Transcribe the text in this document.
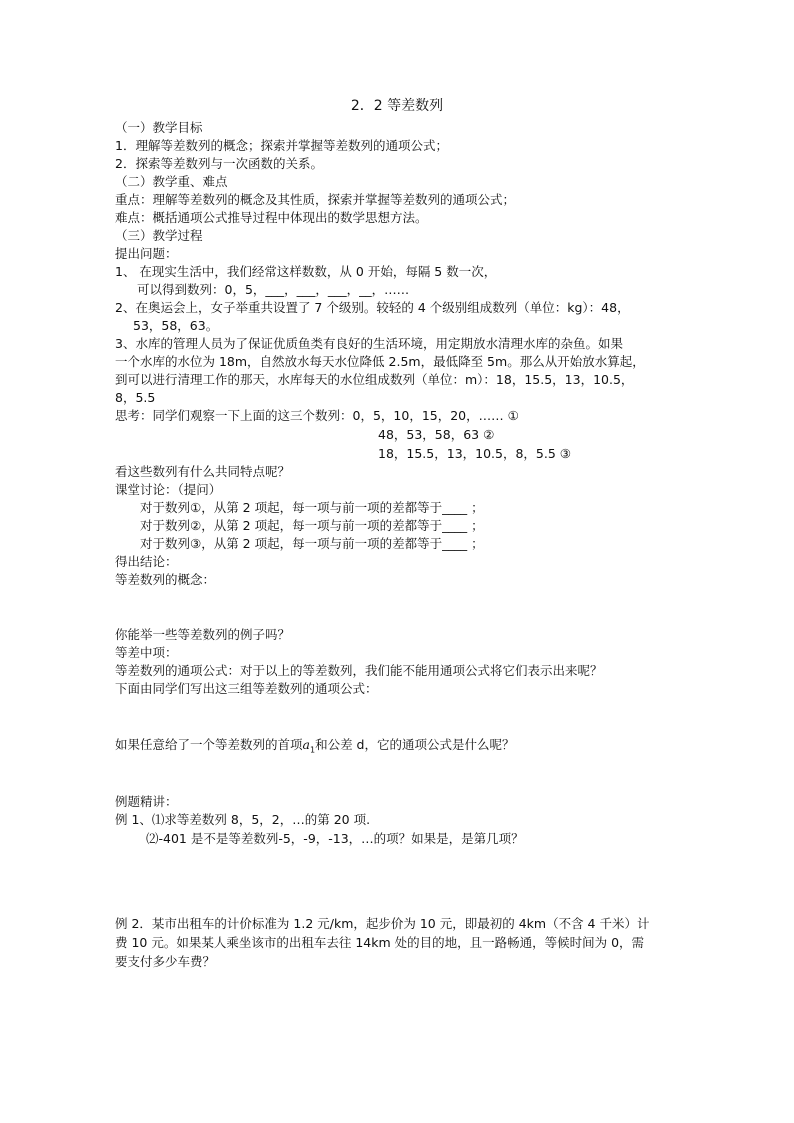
2．2 等差数列
（一）教学目标
1．理解等差数列的概念；探索并掌握等差数列的通项公式；
2．探索等差数列与一次函数的关系。
（二）教学重、难点
重点：理解等差数列的概念及其性质，探索并掌握等差数列的通项公式；
难点：概括通项公式推导过程中体现出的数学思想方法。
（三）教学过程
提出问题：
1、 在现实生活中，我们经常这样数数，从 0 开始，每隔 5 数一次，
可以得到数列：0，5，___，___，___，__，……
2、在奥运会上，女子举重共设置了 7 个级别。较轻的 4 个级别组成数列（单位：kg）：48，
53，58，63。
3、水库的管理人员为了保证优质鱼类有良好的生活环境，用定期放水清理水库的杂鱼。如果
一个水库的水位为 18m，自然放水每天水位降低 2.5m，最低降至 5m。那么从开始放水算起，
到可以进行清理工作的那天，水库每天的水位组成数列（单位：m）：18，15.5，13，10.5，
8，5.5
思考：同学们观察一下上面的这三个数列：0，5，10，15，20，…… ①
48，53，58，63 ②
18，15.5，13，10.5，8，5.5 ③
看这些数列有什么共同特点呢？
课堂讨论：（提问）
对于数列①，从第 2 项起，每一项与前一项的差都等于____ ；
对于数列②，从第 2 项起，每一项与前一项的差都等于____ ；
对于数列③，从第 2 项起，每一项与前一项的差都等于____ ；
得出结论：
等差数列的概念：
你能举一些等差数列的例子吗？
等差中项：
等差数列的通项公式：对于以上的等差数列，我们能不能用通项公式将它们表示出来呢？
下面由同学们写出这三组等差数列的通项公式：
例题精讲：
例 1、⑴求等差数列 8，5，2，…的第 20 项.
⑵-401 是不是等差数列-5，-9，-13，…的项？如果是，是第几项？
例 2．某市出租车的计价标准为 1.2 元/km，起步价为 10 元，即最初的 4km（不含 4 千米）计
费 10 元。如果某人乘坐该市的出租车去往 14km 处的目的地，且一路畅通，等候时间为 0，需
要支付多少车费？
如果任意给了一个等差数列的首项$a_1$和公差 d，它的通项公式是什么呢？
